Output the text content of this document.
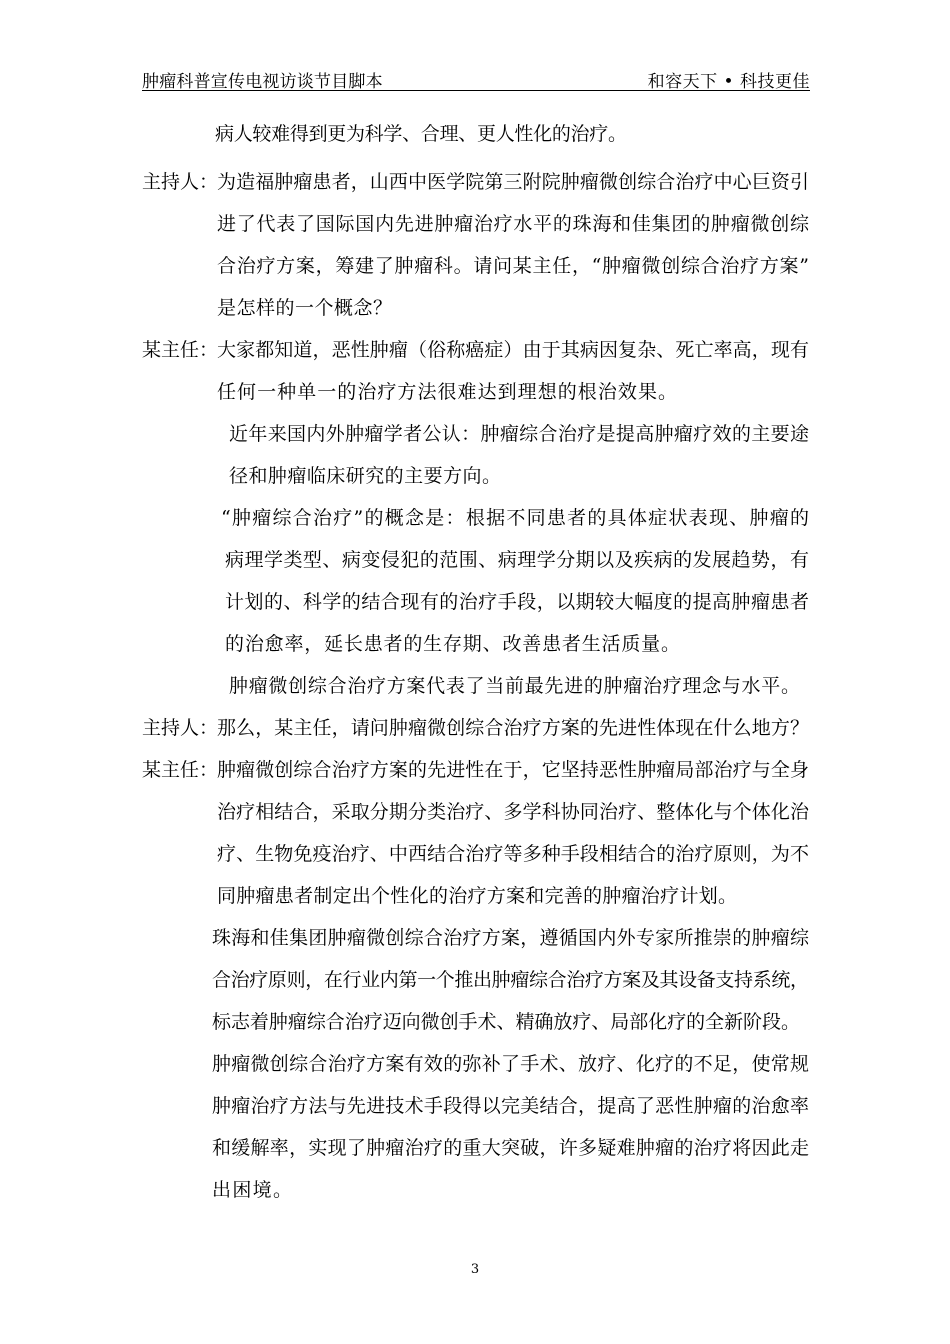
肿瘤科普宣传电视访谈节目脚本	和容天下 • 科技更佳
病人较难得到更为科学、合理、更人性化的治疗。
主持人：
为造福肿瘤患者，山西中医学院第三附院肿瘤微创综合治疗中心巨资引
进了代表了国际国内先进肿瘤治疗水平的珠海和佳集团的肿瘤微创综
合治疗方案，筹建了肿瘤科。请问某主任，“肿瘤微创综合治疗方案”
是怎样的一个概念？
某主任：
大家都知道，恶性肿瘤（俗称癌症）由于其病因复杂、死亡率高，现有
任何一种单一的治疗方法很难达到理想的根治效果。
近年来国内外肿瘤学者公认：肿瘤综合治疗是提高肿瘤疗效的主要途
径和肿瘤临床研究的主要方向。
“肿瘤综合治疗”的概念是：根据不同患者的具体症状表现、肿瘤的
病理学类型、病变侵犯的范围、病理学分期以及疾病的发展趋势，有
计划的、科学的结合现有的治疗手段，以期较大幅度的提高肿瘤患者
的治愈率，延长患者的生存期、改善患者生活质量。
肿瘤微创综合治疗方案代表了当前最先进的肿瘤治疗理念与水平。
主持人：
那么，某主任，请问肿瘤微创综合治疗方案的先进性体现在什么地方？
某主任：
肿瘤微创综合治疗方案的先进性在于，它坚持恶性肿瘤局部治疗与全身
治疗相结合，采取分期分类治疗、多学科协同治疗、整体化与个体化治
疗、生物免疫治疗、中西结合治疗等多种手段相结合的治疗原则，为不
同肿瘤患者制定出个性化的治疗方案和完善的肿瘤治疗计划。
珠海和佳集团肿瘤微创综合治疗方案，遵循国内外专家所推崇的肿瘤综
合治疗原则，在行业内第一个推出肿瘤综合治疗方案及其设备支持系统，
标志着肿瘤综合治疗迈向微创手术、精确放疗、局部化疗的全新阶段。
肿瘤微创综合治疗方案有效的弥补了手术、放疗、化疗的不足，使常规
肿瘤治疗方法与先进技术手段得以完美结合，提高了恶性肿瘤的治愈率
和缓解率，实现了肿瘤治疗的重大突破，许多疑难肿瘤的治疗将因此走
出困境。
3
